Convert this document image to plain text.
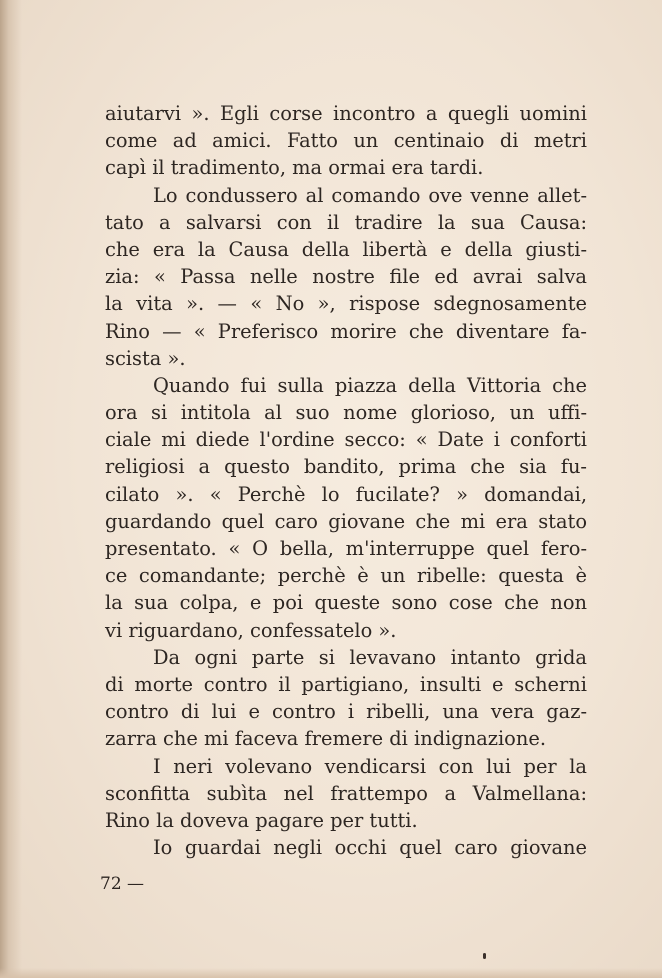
aiutarvi ». Egli corse incontro a quegli uomini
come ad amici. Fatto un centinaio di metri
capì il tradimento, ma ormai era tardi.
Lo condussero al comando ove venne allet-
tato a salvarsi con il tradire la sua Causa:
che era la Causa della libertà e della giusti-
zia: « Passa nelle nostre file ed avrai salva
la vita ». — « No », rispose sdegnosamente
Rino — « Preferisco morire che diventare fa-
scista ».
Quando fui sulla piazza della Vittoria che
ora si intitola al suo nome glorioso, un uffi-
ciale mi diede l'ordine secco: « Date i conforti
religiosi a questo bandito, prima che sia fu-
cilato ». « Perchè lo fucilate? » domandai,
guardando quel caro giovane che mi era stato
presentato. « O bella, m'interruppe quel fero-
ce comandante; perchè è un ribelle: questa è
la sua colpa, e poi queste sono cose che non
vi riguardano, confessatelo ».
Da ogni parte si levavano intanto grida
di morte contro il partigiano, insulti e scherni
contro di lui e contro i ribelli, una vera gaz-
zarra che mi faceva fremere di indignazione.
I neri volevano vendicarsi con lui per la
sconfitta subìta nel frattempo a Valmellana:
Rino la doveva pagare per tutti.
Io guardai negli occhi quel caro giovane
72 —
